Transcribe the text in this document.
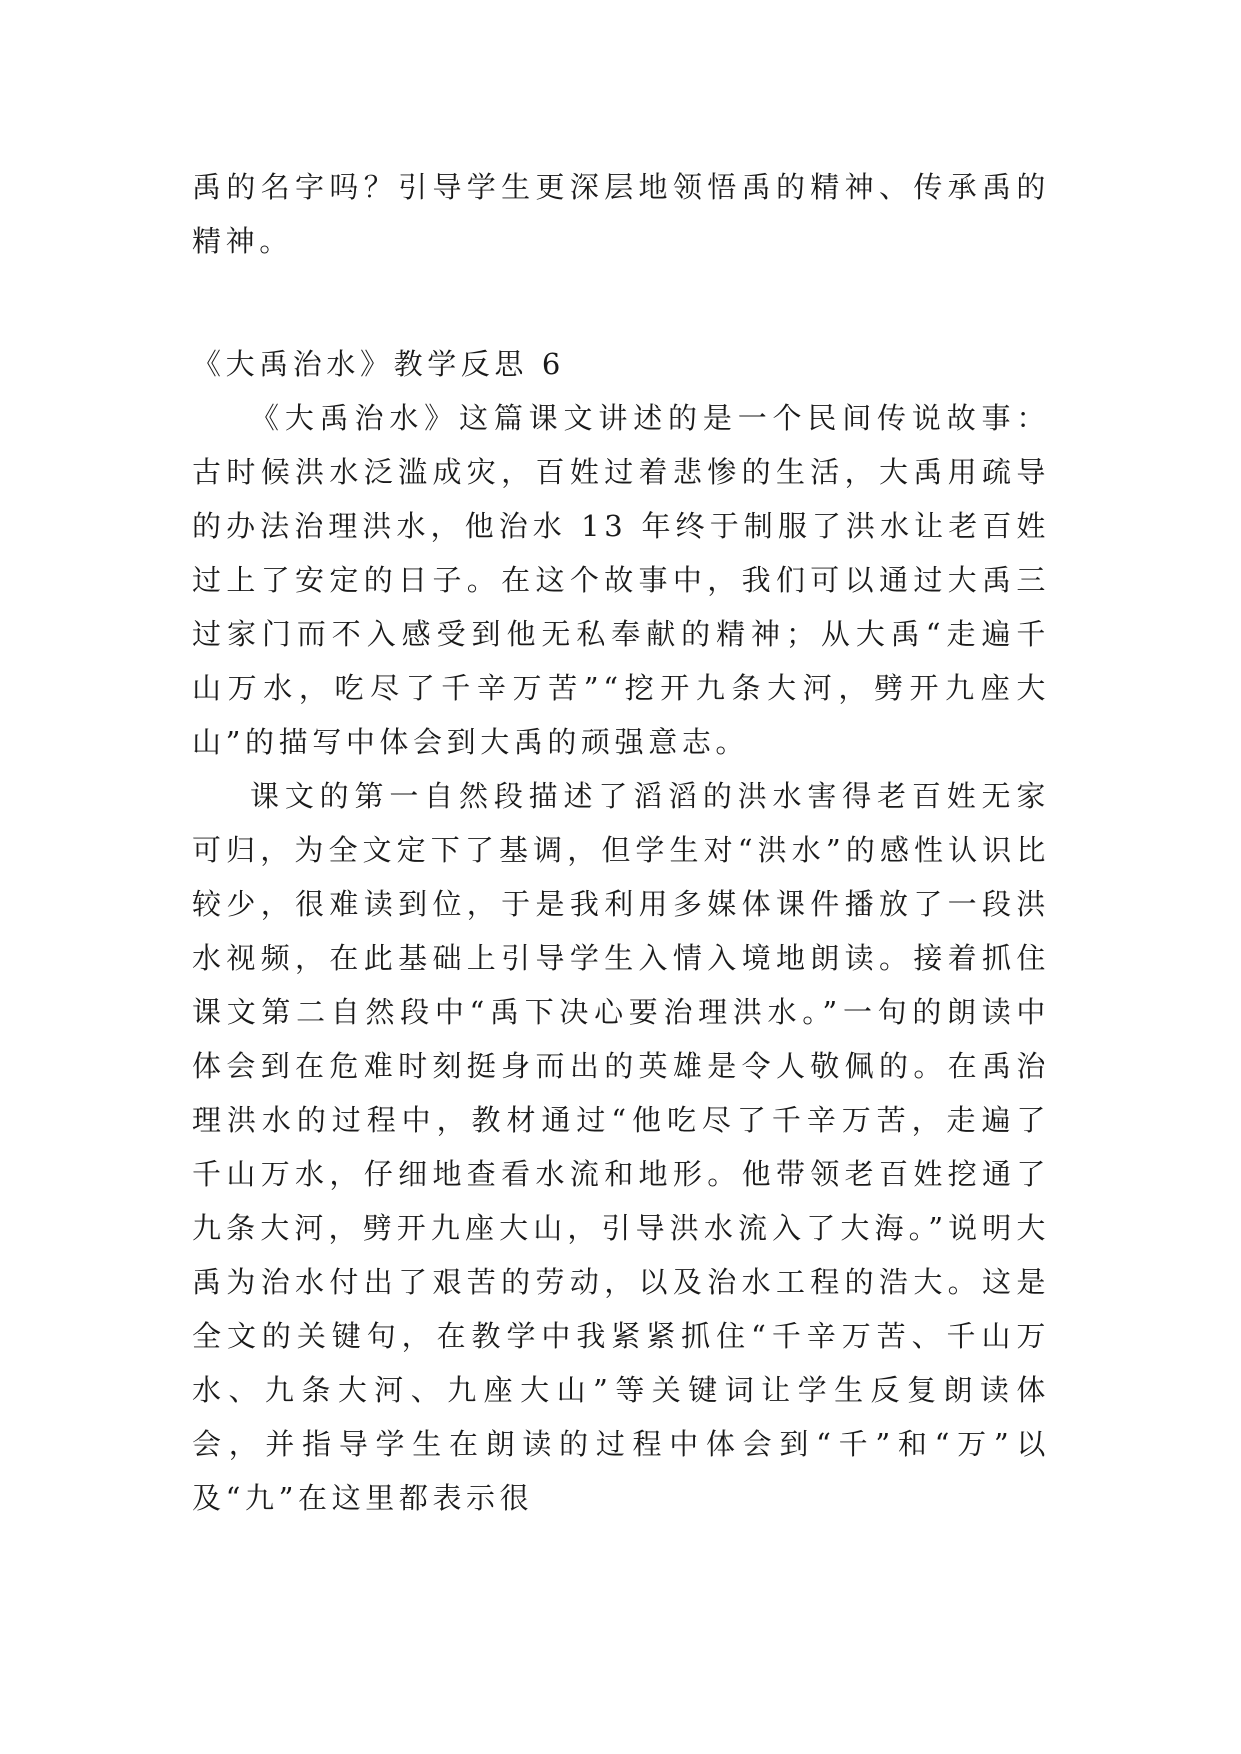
禹的名字吗？引导学生更深层地领悟禹的精神、传承禹的精神。

《大禹治水》教学反思 6

《大禹治水》这篇课文讲述的是一个民间传说故事：古时候洪水泛滥成灾，百姓过着悲惨的生活，大禹用疏导的办法治理洪水，他治水 13 年终于制服了洪水让老百姓过上了安定的日子。在这个故事中，我们可以通过大禹三过家门而不入感受到他无私奉献的精神；从大禹“走遍千山万水，吃尽了千辛万苦”“挖开九条大河，劈开九座大山”的描写中体会到大禹的顽强意志。

课文的第一自然段描述了滔滔的洪水害得老百姓无家可归，为全文定下了基调，但学生对“洪水”的感性认识比较少，很难读到位，于是我利用多媒体课件播放了一段洪水视频，在此基础上引导学生入情入境地朗读。接着抓住课文第二自然段中“禹下决心要治理洪水。”一句的朗读中体会到在危难时刻挺身而出的英雄是令人敬佩的。在禹治理洪水的过程中，教材通过“他吃尽了千辛万苦，走遍了千山万水，仔细地查看水流和地形。他带领老百姓挖通了九条大河，劈开九座大山，引导洪水流入了大海。”说明大禹为治水付出了艰苦的劳动，以及治水工程的浩大。这是全文的关键句，在教学中我紧紧抓住“千辛万苦、千山万水、九条大河、九座大山”等关键词让学生反复朗读体会，并指导学生在朗读的过程中体会到“千”和“万”以及“九”在这里都表示很
